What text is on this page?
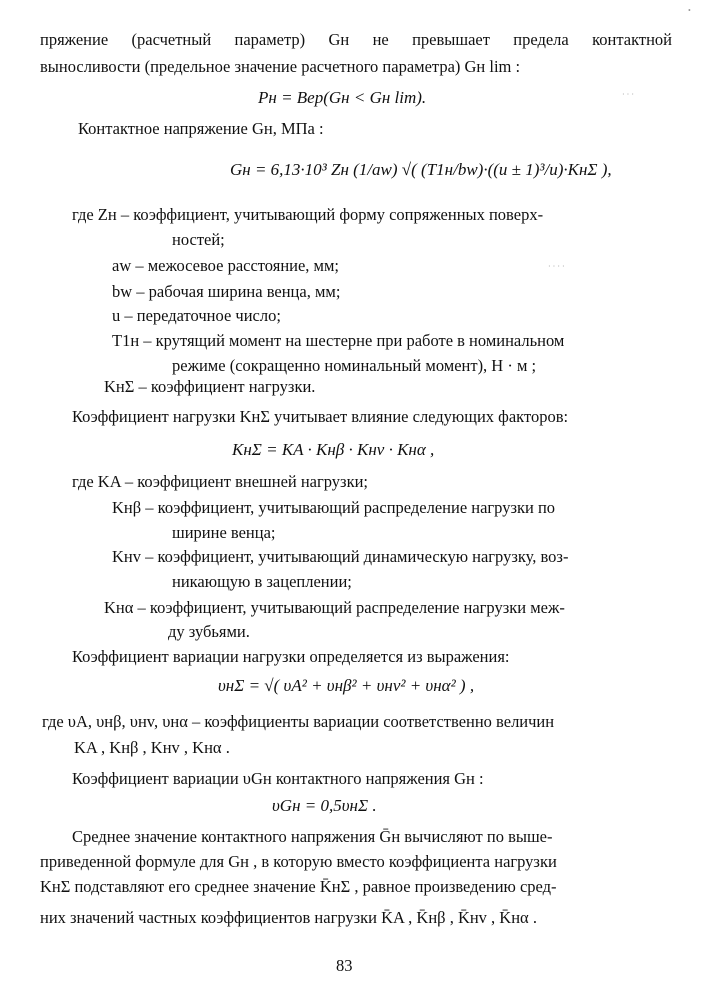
пряжение (расчетный параметр) Gн не превышает предела контактной
выносливости (предельное значение расчетного параметра) Gн lim :
Pн = Вер(Gн < Gн lim).
Контактное напряжение Gн, МПа :
Gн = 6,13·10³ Zн (1/aw) √( (T1н/bw)·((u ± 1)³/u)·KнΣ ),
где Zн – коэффициент, учитывающий форму сопряженных поверх-
ностей;
aw – межосевое расстояние, мм;
bw – рабочая ширина венца, мм;
u – передаточное число;
T1н – крутящий момент на шестерне при работе в номинальном
режиме (сокращенно номинальный момент), Н · м ;
KнΣ – коэффициент нагрузки.
Коэффициент нагрузки KнΣ учитывает влияние следующих факторов:
KнΣ = KA · Kнβ · Kнv · Kнα ,
где KA – коэффициент внешней нагрузки;
Kнβ – коэффициент, учитывающий распределение нагрузки по
ширине венца;
Kнv – коэффициент, учитывающий динамическую нагрузку, воз-
никающую в зацеплении;
Kнα – коэффициент, учитывающий распределение нагрузки меж-
ду зубьями.
Коэффициент вариации нагрузки определяется из выражения:
υнΣ = √( υA² + υнβ² + υнv² + υнα² ) ,
где υA, υнβ, υнv, υнα – коэффициенты вариации соответственно величин
KA , Kнβ , Kнv , Kнα .
Коэффициент вариации υGн контактного напряжения Gн :
υGн = 0,5υнΣ .
Среднее значение контактного напряжения Ḡн вычисляют по выше-
приведенной формуле для Gн , в которую вместо коэффициента нагрузки
KнΣ подставляют его среднее значение K̄нΣ , равное произведению сред-
них значений частных коэффициентов нагрузки K̄A , K̄нβ , K̄нv , K̄нα .
83
•
· · ·
· · · ·
